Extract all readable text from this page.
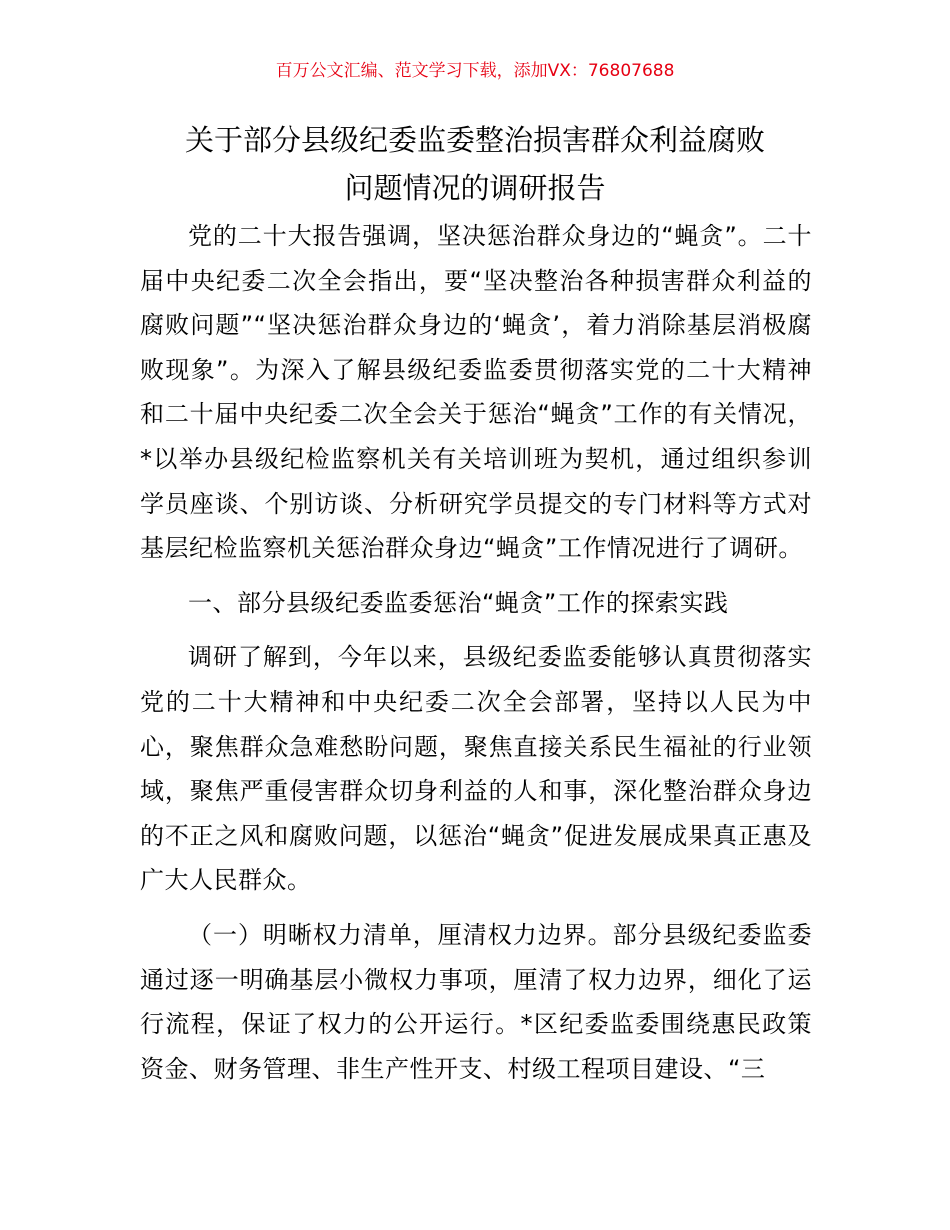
百万公文汇编、范文学习下载，添加VX：76807688
关于部分县级纪委监委整治损害群众利益腐败
问题情况的调研报告

党的二十大报告强调，坚决惩治群众身边的“蝇贪”。二十届中央纪委二次全会指出，要“坚决整治各种损害群众利益的腐败问题”“坚决惩治群众身边的‘蝇贪’，着力消除基层消极腐败现象”。为深入了解县级纪委监委贯彻落实党的二十大精神和二十届中央纪委二次全会关于惩治“蝇贪”工作的有关情况，*以举办县级纪检监察机关有关培训班为契机，通过组织参训学员座谈、个别访谈、分析研究学员提交的专门材料等方式对基层纪检监察机关惩治群众身边“蝇贪”工作情况进行了调研。

一、部分县级纪委监委惩治“蝇贪”工作的探索实践

调研了解到，今年以来，县级纪委监委能够认真贯彻落实党的二十大精神和中央纪委二次全会部署，坚持以人民为中心，聚焦群众急难愁盼问题，聚焦直接关系民生福祉的行业领域，聚焦严重侵害群众切身利益的人和事，深化整治群众身边的不正之风和腐败问题，以惩治“蝇贪”促进发展成果真正惠及广大人民群众。

（一）明晰权力清单，厘清权力边界。部分县级纪委监委通过逐一明确基层小微权力事项，厘清了权力边界，细化了运行流程，保证了权力的公开运行。*区纪委监委围绕惠民政策资金、财务管理、非生产性开支、村级工程项目建设、“三
